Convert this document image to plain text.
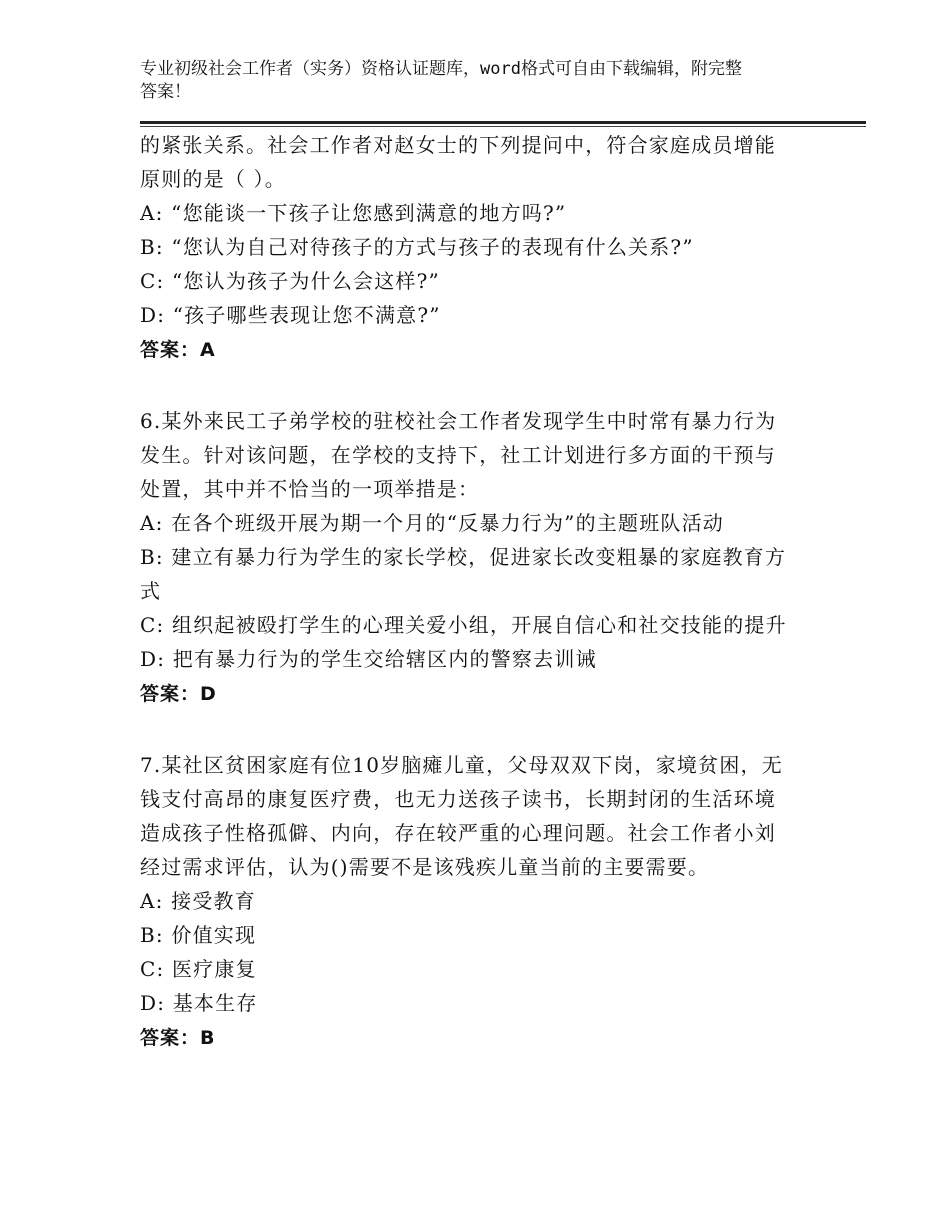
专业初级社会工作者（实务）资格认证题库，word格式可自由下载编辑，附完整
答案！
的紧张关系。社会工作者对赵女士的下列提问中，符合家庭成员增能
原则的是（ ）。
A: “您能谈一下孩子让您感到满意的地方吗?”
B: “您认为自己对待孩子的方式与孩子的表现有什么关系?”
C: “您认为孩子为什么会这样?”
D: “孩子哪些表现让您不满意?”
答案：A
6.某外来民工子弟学校的驻校社会工作者发现学生中时常有暴力行为
发生。针对该问题，在学校的支持下，社工计划进行多方面的干预与
处置，其中并不恰当的一项举措是：
A: 在各个班级开展为期一个月的“反暴力行为”的主题班队活动
B: 建立有暴力行为学生的家长学校，促进家长改变粗暴的家庭教育方
式
C: 组织起被殴打学生的心理关爱小组，开展自信心和社交技能的提升
D: 把有暴力行为的学生交给辖区内的警察去训诫
答案：D
7.某社区贫困家庭有位10岁脑瘫儿童，父母双双下岗，家境贫困，无
钱支付高昂的康复医疗费，也无力送孩子读书，长期封闭的生活环境
造成孩子性格孤僻、内向，存在较严重的心理问题。社会工作者小刘
经过需求评估，认为()需要不是该残疾儿童当前的主要需要。
A: 接受教育
B: 价值实现
C: 医疗康复
D: 基本生存
答案：B
